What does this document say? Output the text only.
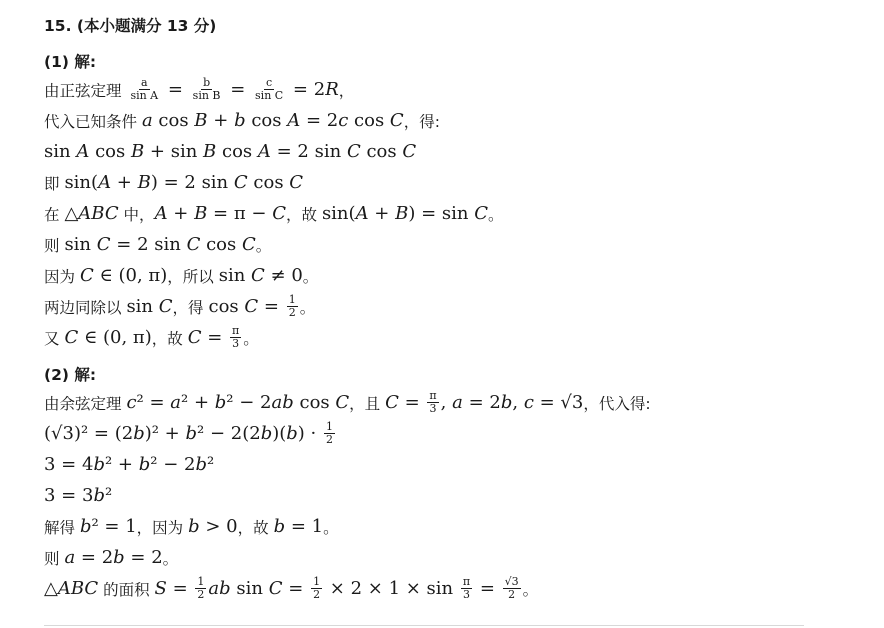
15. (本小题满分 13 分)
(1) 解:
由正弦定理 $\frac{a}{\text{sin A}} = \frac{b}{\text{sin B}} = \frac{c}{\text{sin C}} = 2R$ ，
代入已知条件 a cos B + b cos A = 2c cos C ，得:
sin A cos B + sin B cos A = 2 sin C cos C
即 sin(A + B) = 2 sin C cos C
在 △ABC 中， A + B = π − C ，故 sin(A + B) = sin C 。
则 sin C = 2 sin C cos C 。
因为 C ∈ (0, π) ，所以 sin C ≠ 0 。
两边同除以 sin C ，得 $\cos C = \frac{1}{2}$ 。
又 C ∈ (0, π) ，故 $C = \frac{\pi}{3}$ 。
(2) 解:
由余弦定理 c² = a² + b² − 2ab cos C ，且 $C = \frac{\pi}{3}$ , a = 2b, c = √3 ，代入得:
$(√3)^2 = (2b)^2 + b^2 - 2(2b)(b) \cdot \frac{1}{2}$
3 = 4b² + b² − 2b²
3 = 3b²
解得 b² = 1 ，因为 b > 0 ，故 b = 1 。
则 a = 2b = 2 。
△ABC 的面积 $S = \frac{1}{2}$ ab $\sin C = \frac{1}{2} \times 2 \times 1 \times \sin \frac{\pi}{3} = \frac{√3}{2}$ 。
